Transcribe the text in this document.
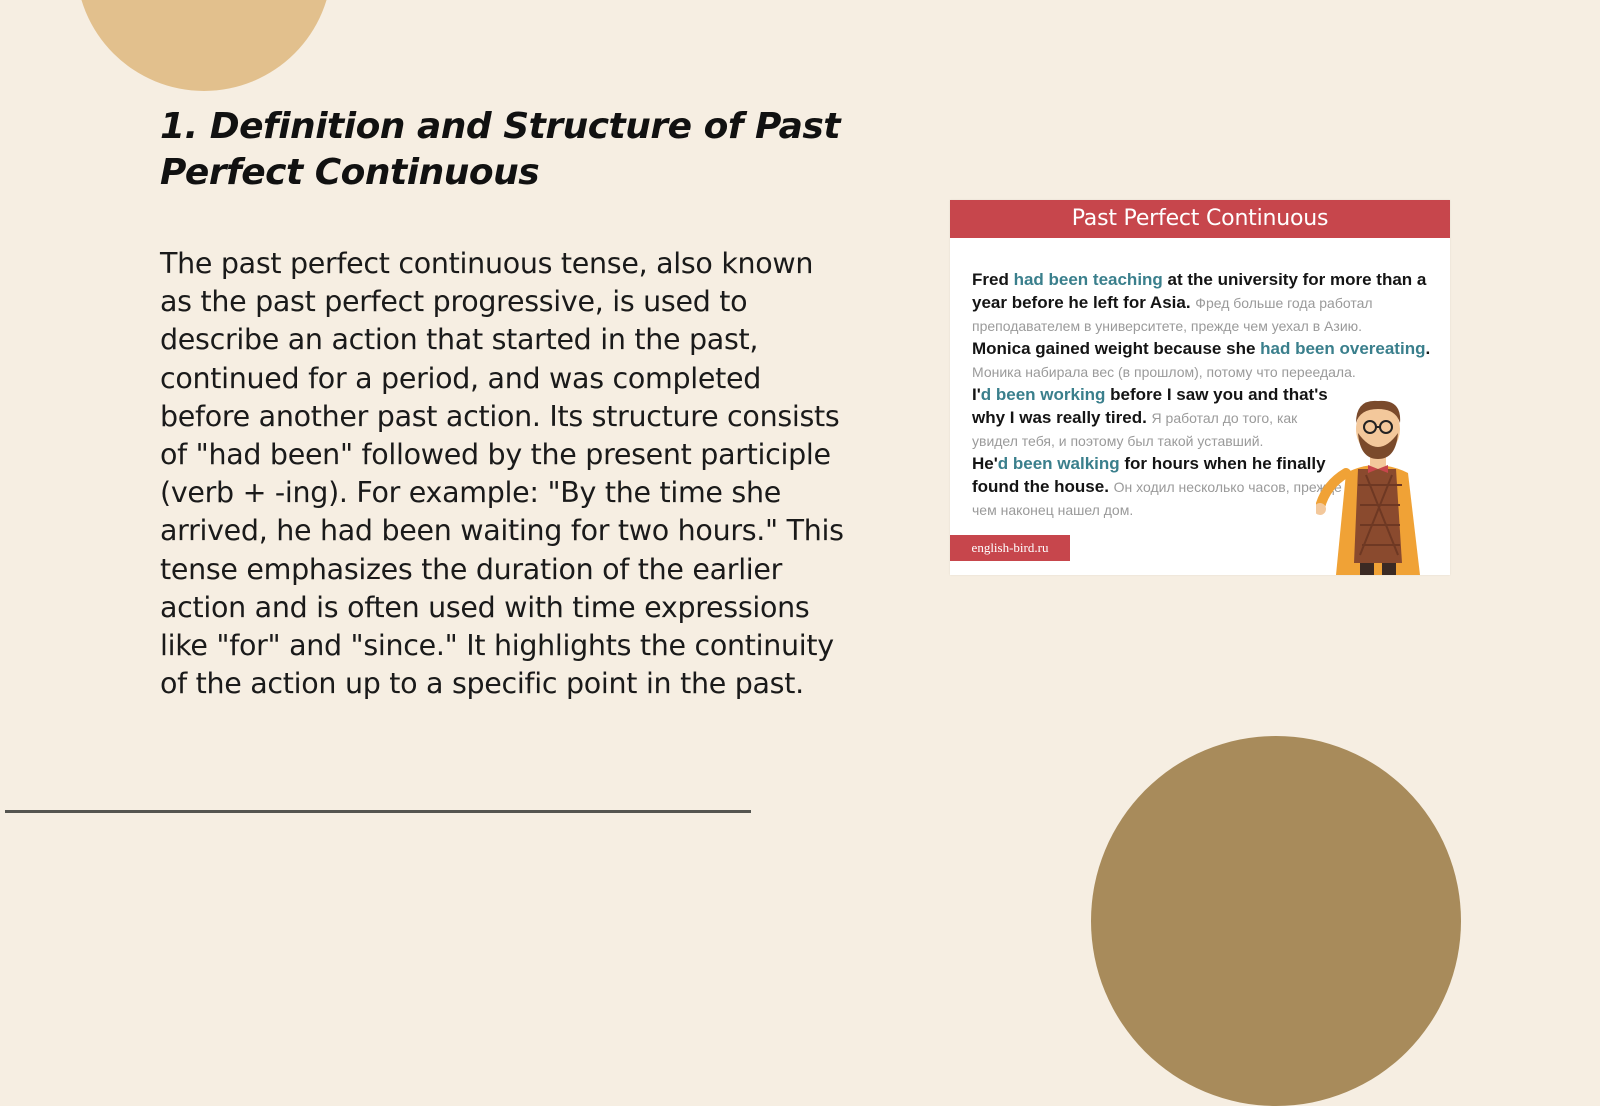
1. Definition and Structure of Past Perfect Continuous

The past perfect continuous tense, also known as the past perfect progressive, is used to describe an action that started in the past, continued for a period, and was completed before another past action. Its structure consists of "had been" followed by the present participle (verb + -ing). For example: "By the time she arrived, he had been waiting for two hours." This tense emphasizes the duration of the earlier action and is often used with time expressions like "for" and "since." It highlights the continuity of the action up to a specific point in the past.

Past Perfect Continuous

Fred had been teaching at the university for more than a year before he left for Asia. Фред больше года работал преподавателем в университете, прежде чем уехал в Азию.

Monica gained weight because she had been overeating. Моника набирала вес (в прошлом), потому что переедала.

I'd been working before I saw you and that's why I was really tired. Я работал до того, как увидел тебя, и поэтому был такой уставший.

He'd been walking for hours when he finally found the house. Он ходил несколько часов, прежде чем наконец нашел дом.

english-bird.ru
